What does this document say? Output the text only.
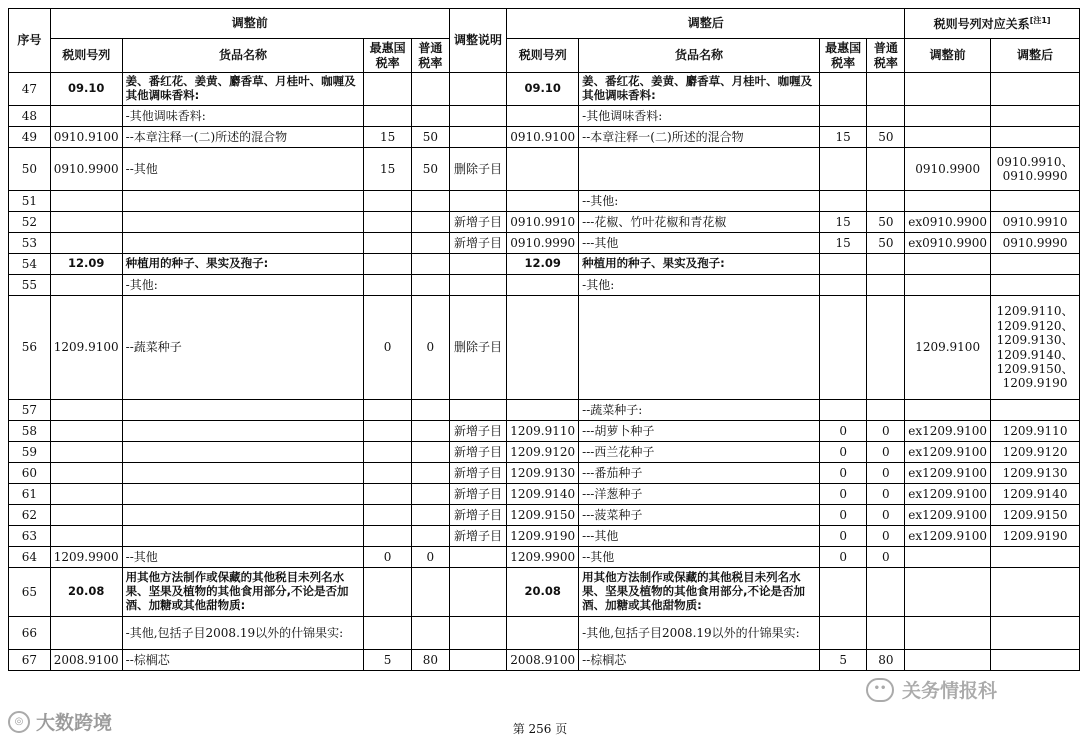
序号	调整前				调整说明	调整后				税则号列对应关系[注1]
	税则号列	货品名称	最惠国税率	普通税率		税则号列	货品名称	最惠国税率	普通税率	调整前	调整后
47	09.10	姜、番红花、姜黄、麝香草、月桂叶、咖喱及其他调味香料:				09.10	姜、番红花、姜黄、麝香草、月桂叶、咖喱及其他调味香料:				
48		-其他调味香料:					-其他调味香料:				
49	0910.9100	--本章注释一(二)所述的混合物	15	50		0910.9100	--本章注释一(二)所述的混合物	15	50		
50	0910.9900	--其他	15	50	删除子目					0910.9900	0910.9910、0910.9990
51							--其他:				
52					新增子目	0910.9910	---花椒、竹叶花椒和青花椒	15	50	ex0910.9900	0910.9910
53					新增子目	0910.9990	---其他	15	50	ex0910.9900	0910.9990
54	12.09	种植用的种子、果实及孢子:				12.09	种植用的种子、果实及孢子:				
55		-其他:					-其他:				
56	1209.9100	--蔬菜种子	0	0	删除子目					1209.9100	1209.9110、1209.9120、1209.9130、1209.9140、1209.9150、1209.9190
57							--蔬菜种子:				
58					新增子目	1209.9110	---胡萝卜种子	0	0	ex1209.9100	1209.9110
59					新增子目	1209.9120	---西兰花种子	0	0	ex1209.9100	1209.9120
60					新增子目	1209.9130	---番茄种子	0	0	ex1209.9100	1209.9130
61					新增子目	1209.9140	---洋葱种子	0	0	ex1209.9100	1209.9140
62					新增子目	1209.9150	---菠菜种子	0	0	ex1209.9100	1209.9150
63					新增子目	1209.9190	---其他	0	0	ex1209.9100	1209.9190
64	1209.9900	--其他	0	0		1209.9900	--其他	0	0		
65	20.08	用其他方法制作或保藏的其他税目未列名水果、坚果及植物的其他食用部分,不论是否加酒、加糖或其他甜物质:				20.08	用其他方法制作或保藏的其他税目未列名水果、坚果及植物的其他食用部分,不论是否加酒、加糖或其他甜物质:				
66		-其他,包括子目2008.19以外的什锦果实:					-其他,包括子目2008.19以外的什锦果实:				
67	2008.9100	--棕榈芯	5	80		2008.9100	--棕榈芯	5	80		
第 256 页
◎ 大数跨境
•• 关务情报科
